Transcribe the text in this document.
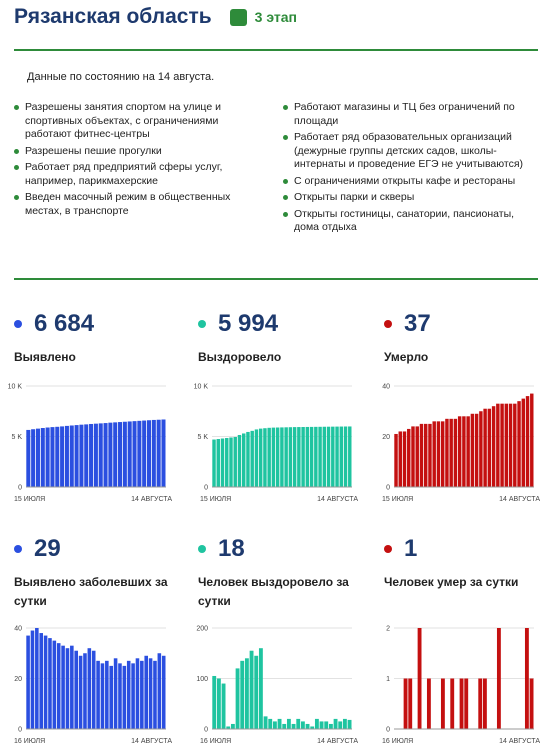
Рязанская область	3 этап
Данные по состоянию на 14 августа.
Разрешены занятия спортом на улице и спортивных объектах, с ограничениями работают фитнес-центры
Разрешены пешие прогулки
Работает ряд предприятий сферы услуг, например, парикмахерские
Введен масочный режим в общественных местах, в транспорте
Работают магазины и ТЦ без ограничений по площади
Работает ряд образовательных организаций (дежурные группы детских садов, школы-интернаты и проведение ЕГЭ не учитываются)
С ограничениями открыты кафе и рестораны
Открыты парки и скверы
Открыты гостиницы, санатории, пансионаты, дома отдыха
6 684
Выявлено
5 994
Выздоровело
37
Умерло
29
Выявлено заболевших за сутки
18
Человек выздоровело за сутки
1
Человек умер за сутки
0
5 K
10 K
15 ИЮЛЯ	14 АВГУСТА
0
5 K
10 K
15 ИЮЛЯ	14 АВГУСТА
0
20
40
15 ИЮЛЯ	14 АВГУСТА
0
20
40
16 ИЮЛЯ	14 АВГУСТА
0
100
200
16 ИЮЛЯ	14 АВГУСТА
0
1
2
16 ИЮЛЯ	14 АВГУСТА
